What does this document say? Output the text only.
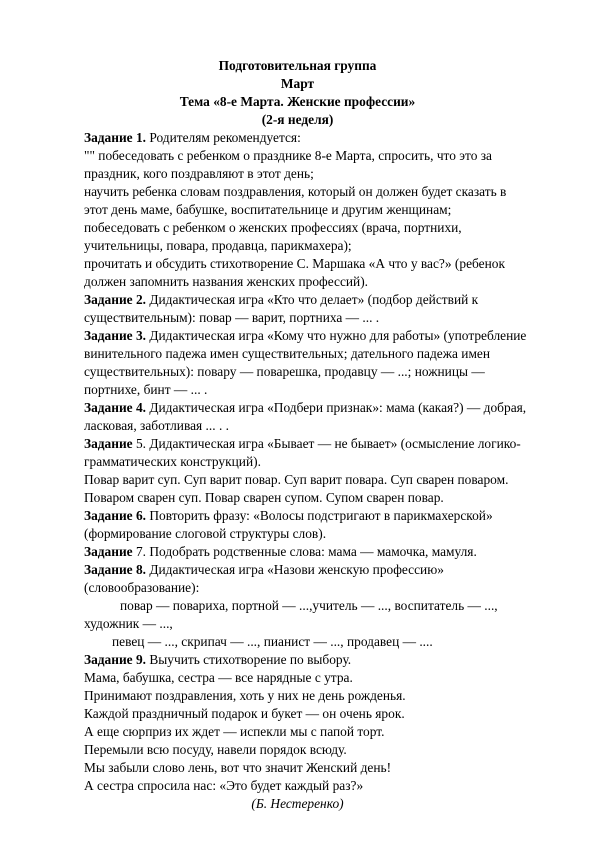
Подготовительная группа
Март
Тема «8-е Марта. Женские профессии»
(2-я неделя)
Задание 1. Родителям рекомендуется:
"" побеседовать с ребенком о празднике 8-е Марта, спросить, что это за
праздник, кого поздравляют в этот день;
научить ребенка словам поздравления, который он должен будет сказать в
этот день маме, бабушке, воспитательнице и другим женщинам;
побеседовать с ребенком о женских профессиях (врача, портнихи,
учительницы, повара, продавца, парикмахера);
прочитать и обсудить стихотворение С. Маршака «А что у вас?» (ребенок
должен запомнить названия женских профессий).
Задание 2. Дидактическая игра «Кто что делает» (подбор действий к
существительным): повар — варит, портниха — ... .
Задание 3. Дидактическая игра «Кому что нужно для работы» (употребление
винительного падежа имен существительных; дательного падежа имен
существительных): повару — поварешка, продавцу — ...; ножницы —
портнихе, бинт — ... .
Задание 4. Дидактическая игра «Подбери признак»: мама (какая?) — добрая,
ласковая, заботливая ... . .
Задание 5. Дидактическая игра «Бывает — не бывает» (осмысление логико-
грамматических конструкций).
Повар варит суп. Суп варит повар. Суп варит повара. Суп сварен поваром.
Поваром сварен суп. Повар сварен супом. Супом сварен повар.
Задание 6. Повторить фразу: «Волосы подстригают в парикмахерской»
(формирование слоговой структуры слов).
Задание 7. Подобрать родственные слова: мама — мамочка, мамуля.
Задание 8. Дидактическая игра «Назови женскую профессию»
(словообразование):
повар — повариха, портной — ...,учитель — ..., воспитатель — ...,
художник — ...,
певец — ..., скрипач — ..., пианист — ..., продавец — ....
Задание 9. Выучить стихотворение по выбору.
Мама, бабушка, сестра — все нарядные с утра.
Принимают поздравления, хоть у них не день рожденья.
Каждой праздничный подарок и букет — он очень ярок.
А еще сюрприз их ждет — испекли мы с папой торт.
Перемыли всю посуду, навели порядок всюду.
Мы забыли слово лень, вот что значит Женский день!
А сестра спросила нас: «Это будет каждый раз?»
(Б. Нестеренко)
